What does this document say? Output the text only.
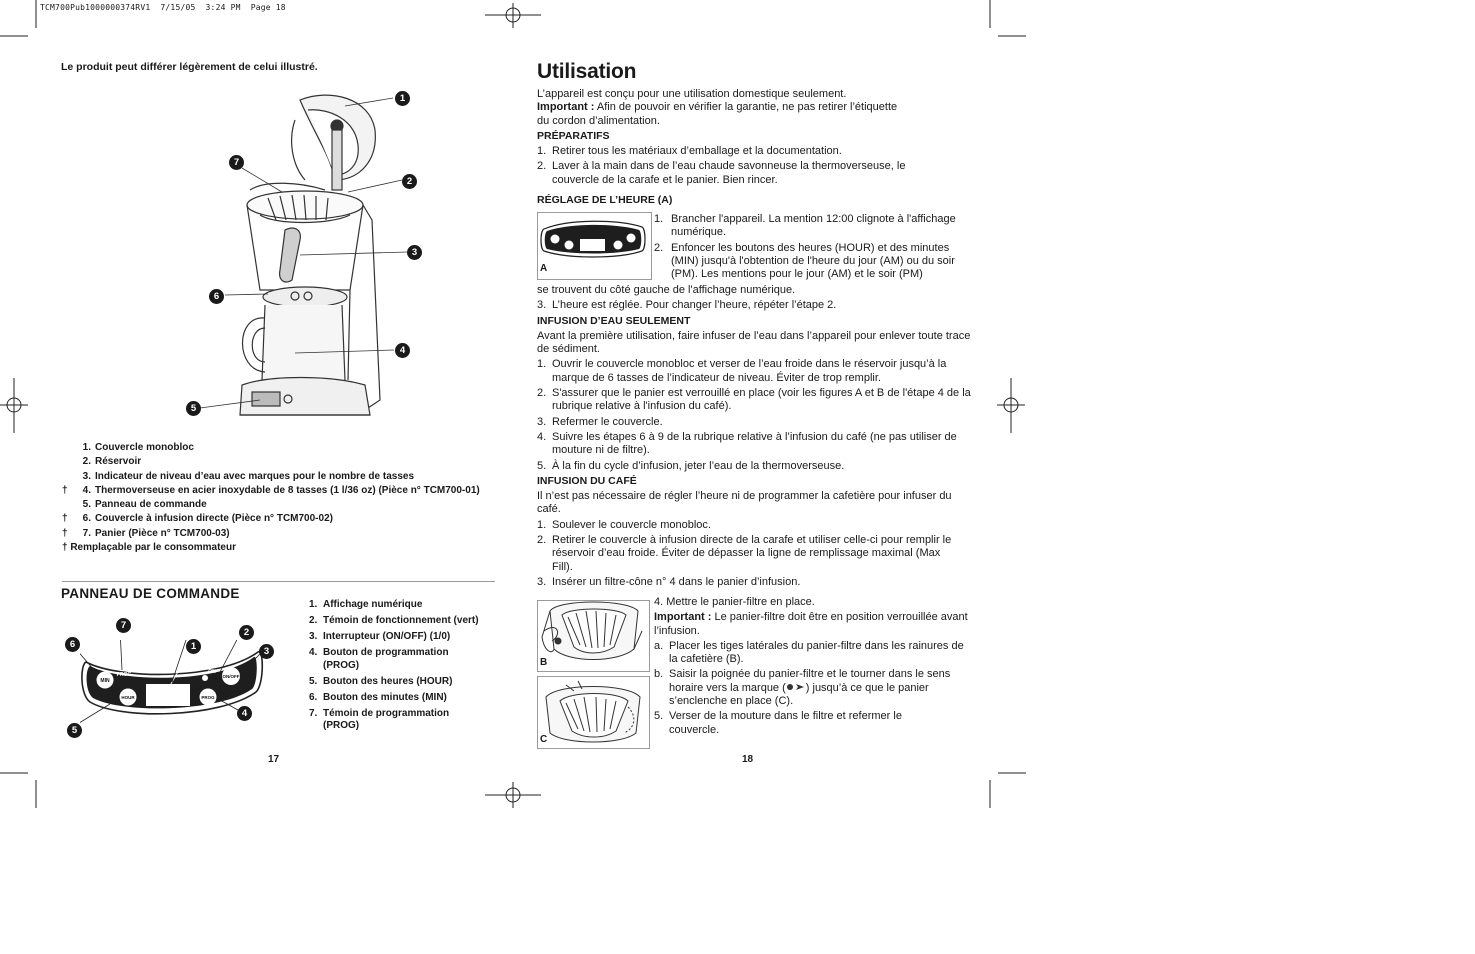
TCM700Pub1000000374RV1  7/15/05  3:24 PM  Page 18
Le produit peut différer légèrement de celui illustré.
1
2
3
4
5
6
7
1. Couvercle monobloc
2. Réservoir
3. Indicateur de niveau d’eau avec marques pour le nombre de tasses
†	4. Thermoverseuse en acier inoxydable de 8 tasses (1 l/36 oz) (Pièce n° TCM700-01)
5. Panneau de commande
†	6. Couvercle à infusion directe (Pièce n° TCM700-02)
†	7. Panier (Pièce n° TCM700-03)
† Remplaçable par le consommateur
PANNEAU DE COMMANDE
MIN
PROG
HOUR
ON
ON/OFF
PROG
7
1
2
3
4
5
6
1. Affichage numérique
2. Témoin de fonctionnement (vert)
3. Interrupteur (ON/OFF) (1/0)
4. Bouton de programmation (PROG)
5. Bouton des heures (HOUR)
6. Bouton des minutes (MIN)
7. Témoin de programmation (PROG)
17
Utilisation
L’appareil est conçu pour une utilisation domestique seulement.
Important : Afin de pouvoir en vérifier la garantie, ne pas retirer l’étiquette
du cordon d’alimentation.
PRÉPARATIFS
1. Retirer tous les matériaux d’emballage et la documentation.
2. Laver à la main dans de l’eau chaude savonneuse la thermoverseuse, le couvercle de la carafe et le panier. Bien rincer.
RÉGLAGE DE L’HEURE (A)
A
1. Brancher l'appareil. La mention 12:00 clignote à l'affichage numérique.
2. Enfoncer les boutons des heures (HOUR) et des minutes (MIN) jusqu'à l'obtention de l'heure du jour (AM) ou du soir (PM). Les mentions pour le jour (AM) et le soir (PM)
se trouvent du côté gauche de l'affichage numérique.
3. L’heure est réglée. Pour changer l’heure, répéter l’étape 2.
INFUSION D’EAU SEULEMENT
Avant la première utilisation, faire infuser de l’eau dans l’appareil pour enlever toute trace de sédiment.
1. Ouvrir le couvercle monobloc et verser de l’eau froide dans le réservoir jusqu’à la marque de 6 tasses de l’indicateur de niveau. Éviter de trop remplir.
2. S'assurer que le panier est verrouillé en place (voir les figures A et B de l'étape 4 de la rubrique relative à l'infusion du café).
3. Refermer le couvercle.
4. Suivre les étapes 6 à 9 de la rubrique relative à l’infusion du café (ne pas utiliser de mouture ni de filtre).
5. À la fin du cycle d’infusion, jeter l’eau de la thermoverseuse.
INFUSION DU CAFÉ
Il n’est pas nécessaire de régler l’heure ni de programmer la cafetière pour infuser du café.
1. Soulever le couvercle monobloc.
2. Retirer le couvercle à infusion directe de la carafe et utiliser celle-ci pour remplir le réservoir d’eau froide. Éviter de dépasser la ligne de remplissage maximal (Max Fill).
3. Insérer un filtre-cône n° 4 dans le panier d’infusion.
B
C
4. Mettre le panier-filtre en place.
Important : Le panier-filtre doit être en position verrouillée avant l’infusion.
a. Placer les tiges latérales du panier-filtre dans les rainures de la cafetière (B).
b. Saisir la poignée du panier-filtre et le tourner dans le sens horaire vers la marque ( ) jusqu’à ce que le panier s’enclenche en place (C).
5. Verser de la mouture dans le filtre et refermer le couvercle.
18
